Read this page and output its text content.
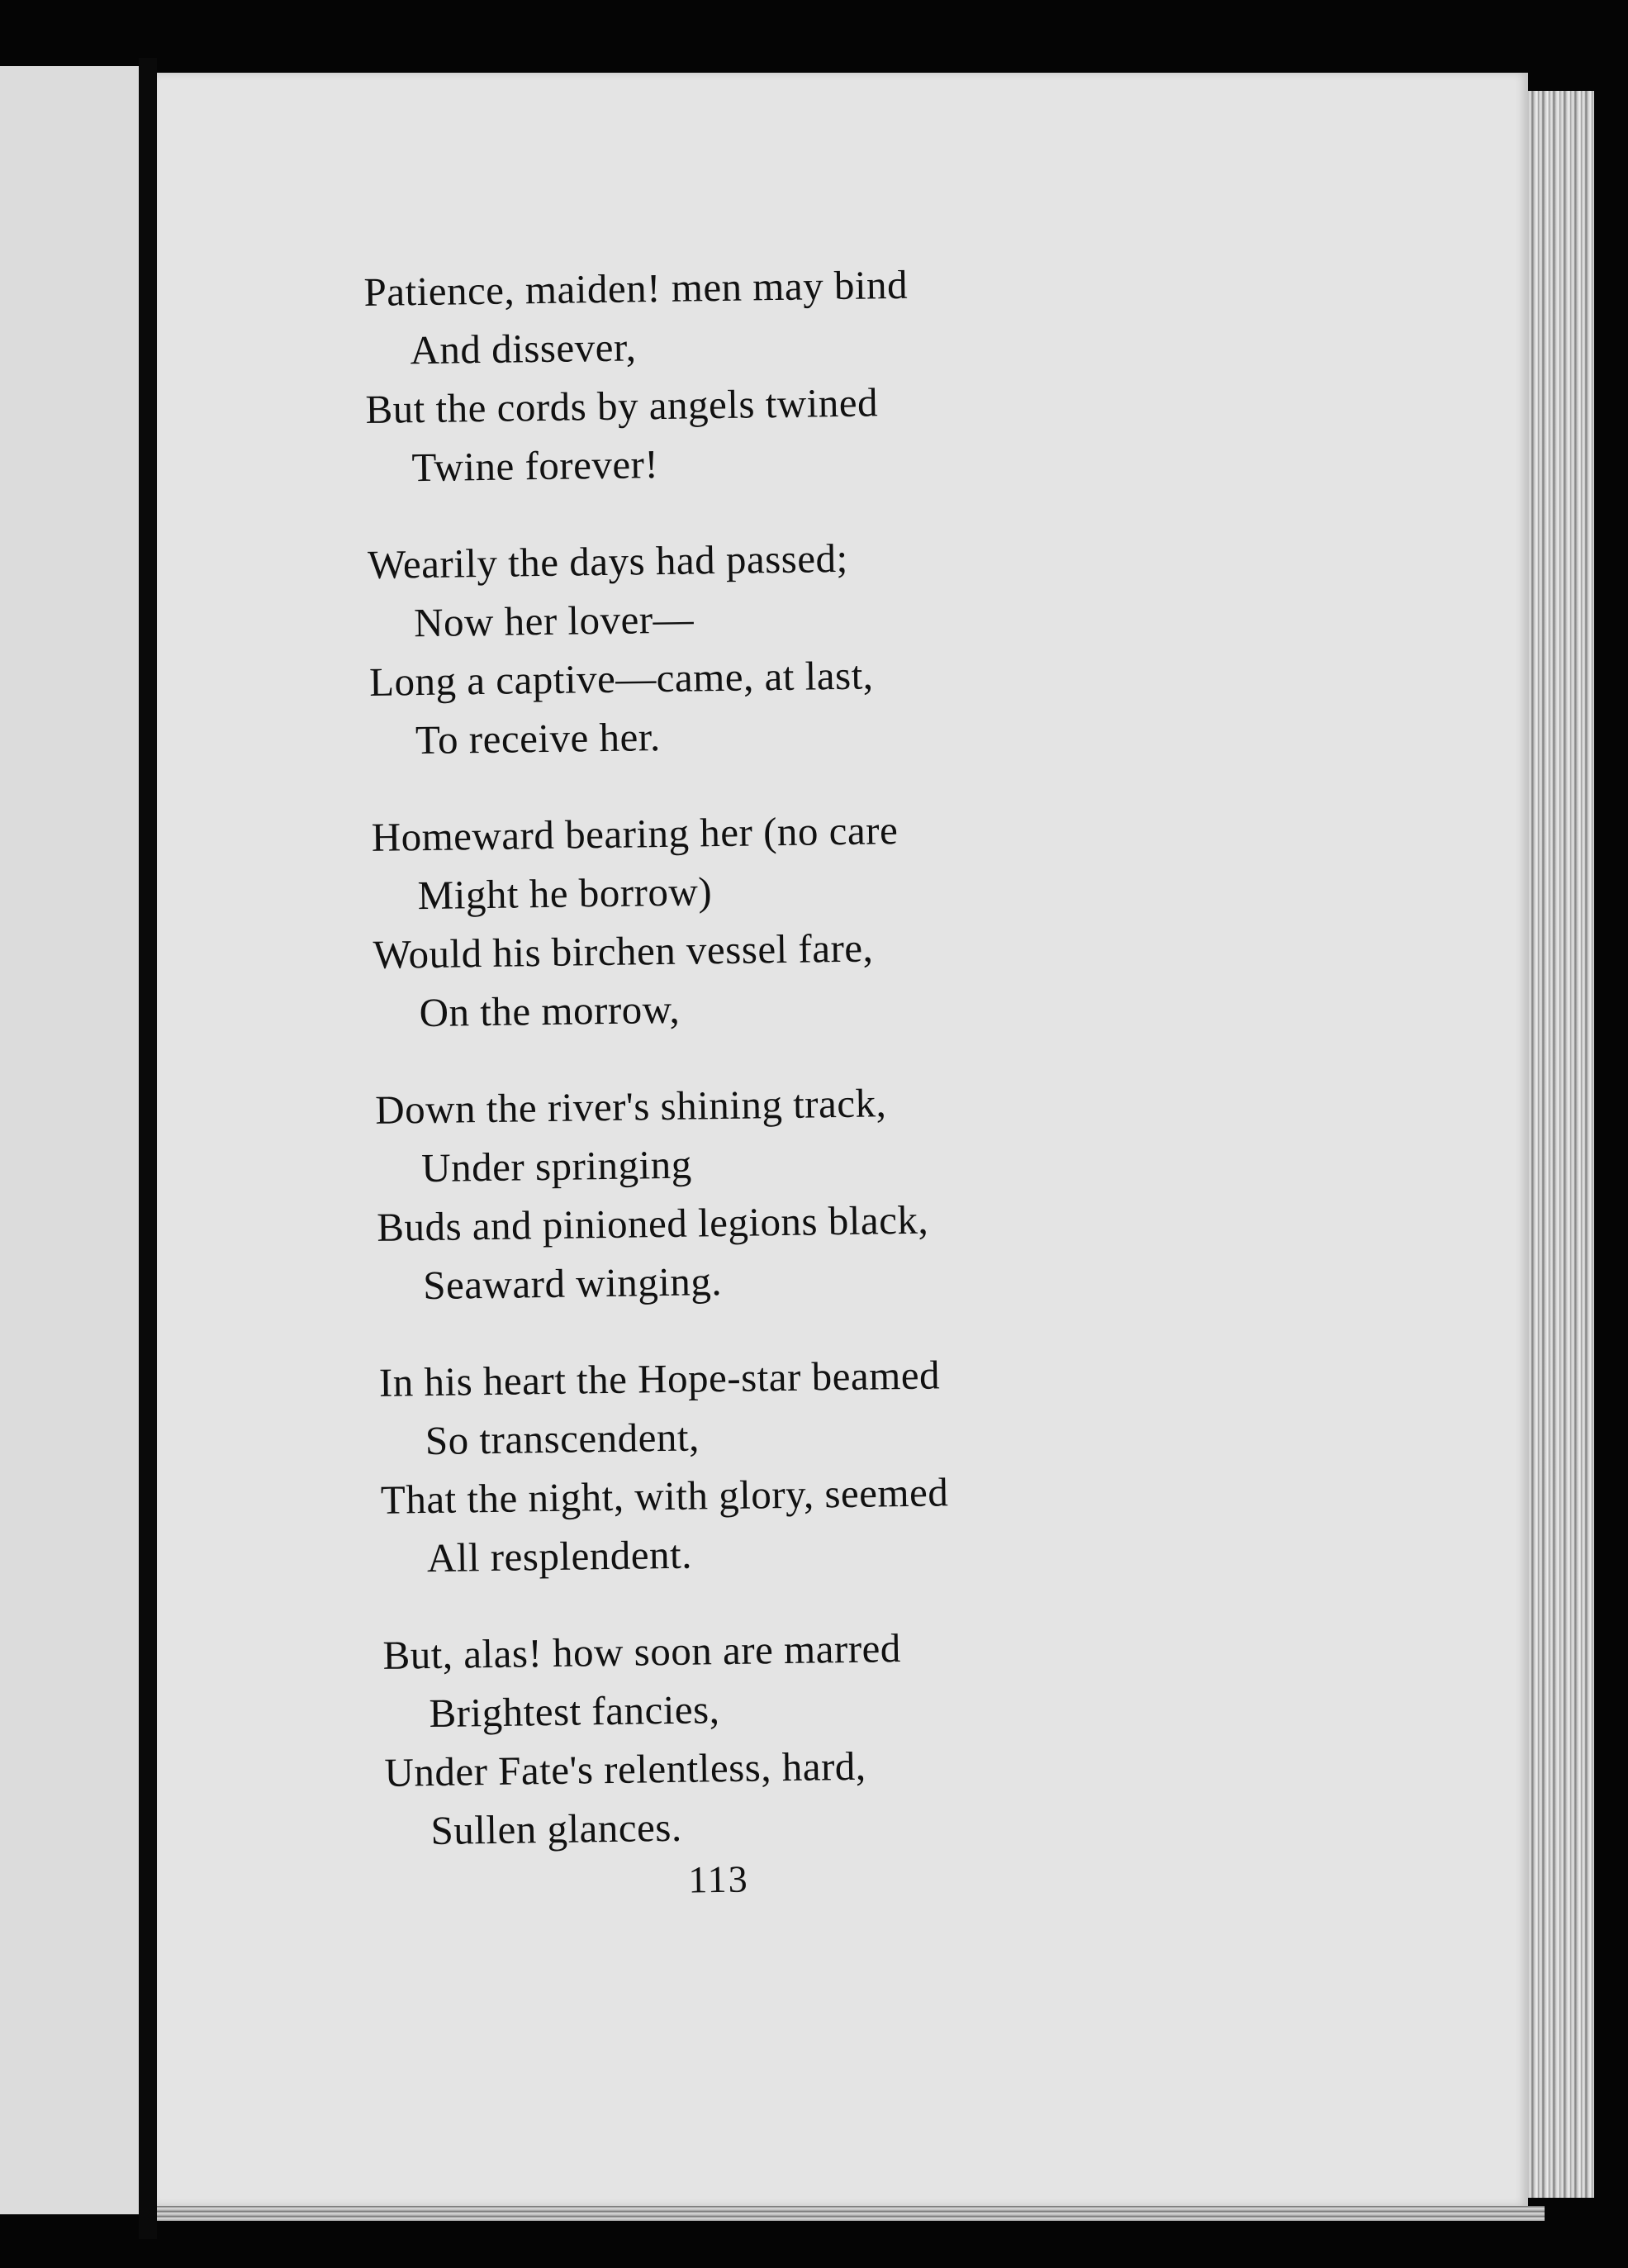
Patience, maiden! men may bind
And dissever,
But the cords by angels twined
Twine forever!
Wearily the days had passed;
Now her lover—
Long a captive—came, at last,
To receive her.
Homeward bearing her (no care
Might he borrow)
Would his birchen vessel fare,
On the morrow,
Down the river's shining track,
Under springing
Buds and pinioned legions black,
Seaward winging.
In his heart the Hope-star beamed
So transcendent,
That the night, with glory, seemed
All resplendent.
But, alas! how soon are marred
Brightest fancies,
Under Fate's relentless, hard,
Sullen glances.
113
